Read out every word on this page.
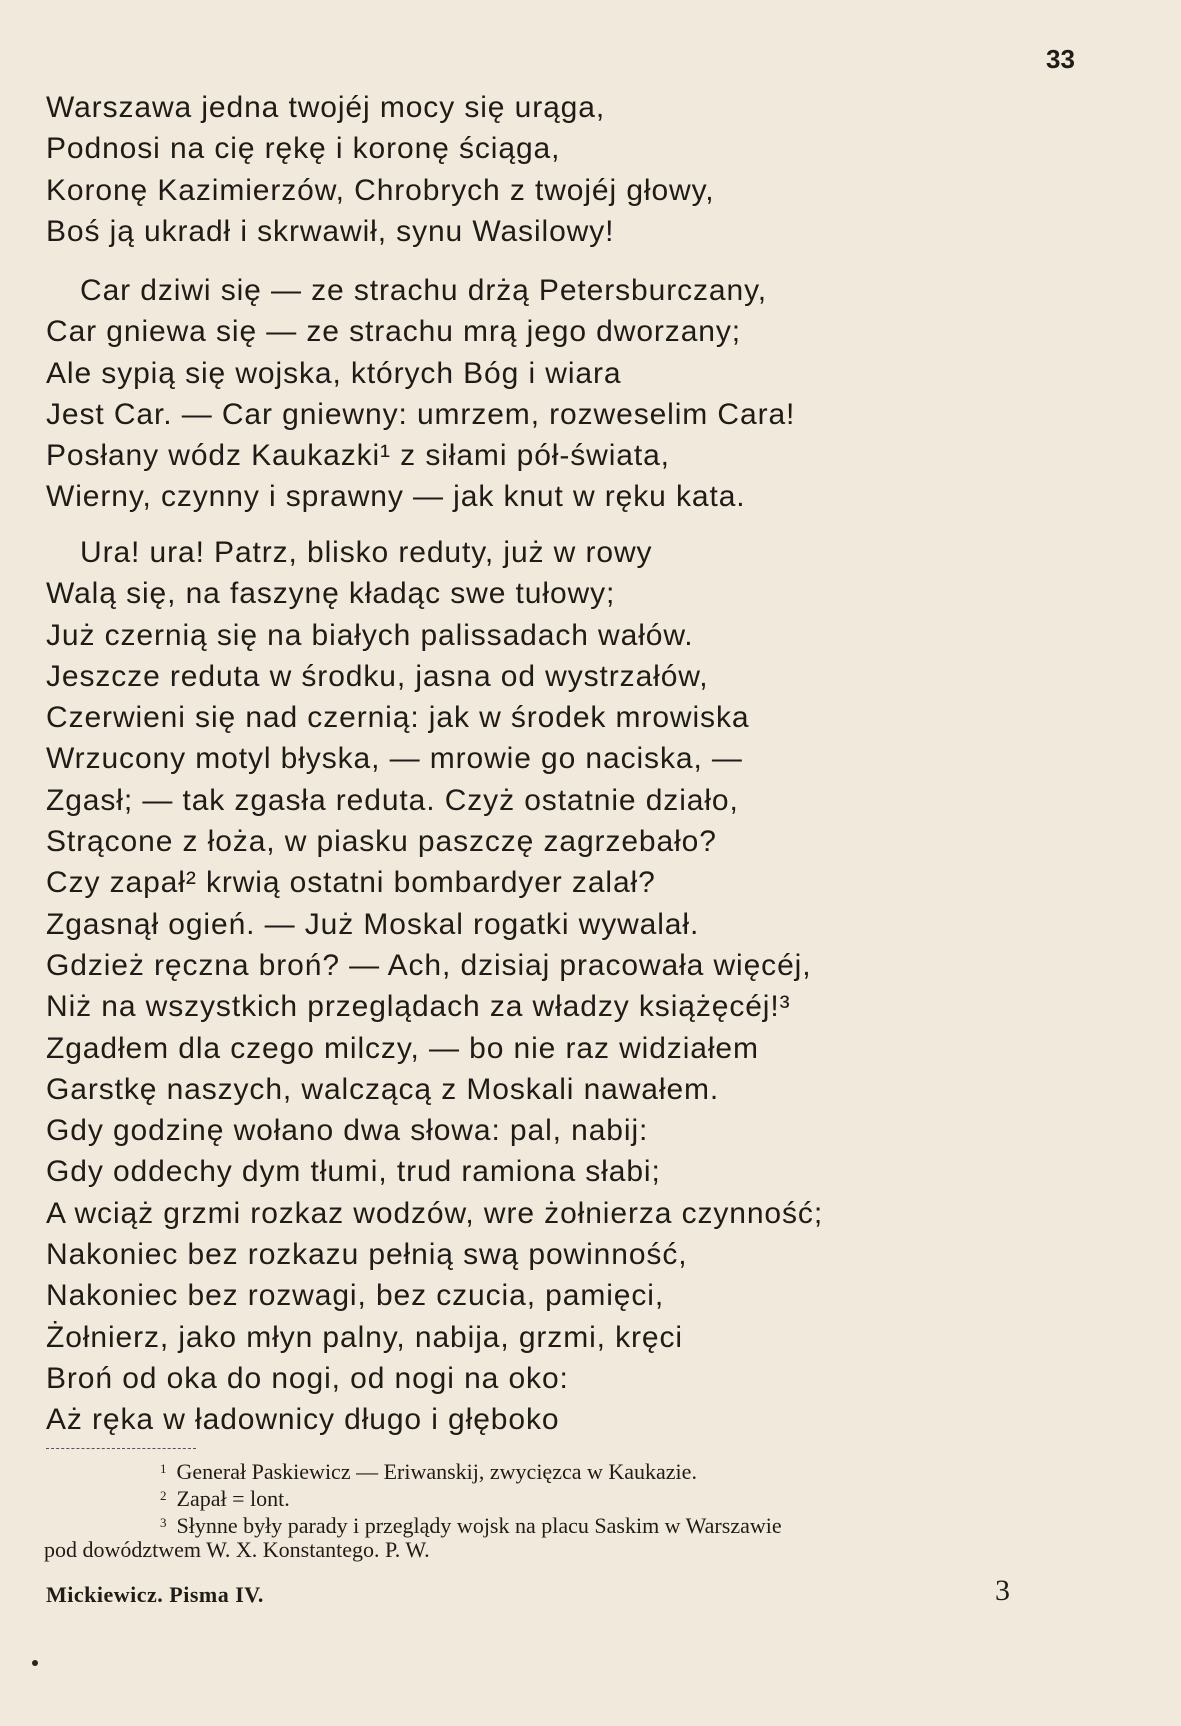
33
Warszawa jedna twojéj mocy się urąga,
Podnosi na cię rękę i koronę ściąga,
Koronę Kazimierzów, Chrobrych z twojéj głowy,
Boś ją ukradł i skrwawił, synu Wasilowy!
Car dziwi się — ze strachu drżą Petersburczany,
Car gniewa się — ze strachu mrą jego dworzany;
Ale sypią się wojska, których Bóg i wiara
Jest Car. — Car gniewny: umrzem, rozweselim Cara!
Posłany wódz Kaukazki¹ z siłami pół-świata,
Wierny, czynny i sprawny — jak knut w ręku kata.
Ura! ura! Patrz, blisko reduty, już w rowy
Walą się, na faszynę kładąc swe tułowy;
Już czernią się na białych palissadach wałów.
Jeszcze reduta w środku, jasna od wystrzałów,
Czerwieni się nad czernią: jak w środek mrowiska
Wrzucony motyl błyska, — mrowie go naciska, —
Zgasł; — tak zgasła reduta. Czyż ostatnie działo,
Strącone z łoża, w piasku paszczę zagrzebało?
Czy zapał² krwią ostatni bombardyer zalał?
Zgasnął ogień. — Już Moskal rogatki wywalał.
Gdzież ręczna broń? — Ach, dzisiaj pracowała więcéj,
Niż na wszystkich przeglądach za władzy książęcéj!³
Zgadłem dla czego milczy, — bo nie raz widziałem
Garstkę naszych, walczącą z Moskali nawałem.
Gdy godzinę wołano dwa słowa: pal, nabij:
Gdy oddechy dym tłumi, trud ramiona słabi;
A wciąż grzmi rozkaz wodzów, wre żołnierza czynność;
Nakoniec bez rozkazu pełnią swą powinność,
Nakoniec bez rozwagi, bez czucia, pamięci,
Żołnierz, jako młyn palny, nabija, grzmi, kręci
Broń od oka do nogi, od nogi na oko:
Aż ręka w ładownicy długo i głęboko
$^1$ Generał Paskiewicz — Eriwanskij, zwycięzca w Kaukazie.
$^2$ Zapał = lont.
$^3$ Słynne były parady i przeglądy wojsk na placu Saskim w Warszawie
pod dowództwem W. X. Konstantego. P. W.
Mickiewicz. Pisma IV.	3
